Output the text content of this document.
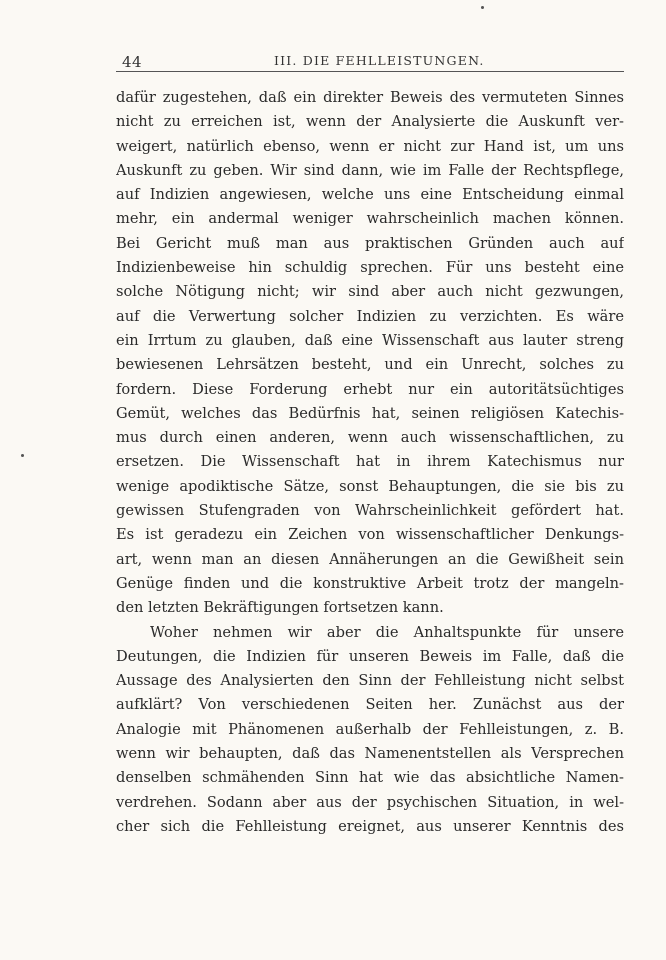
44	III. DIE FEHLLEISTUNGEN.

dafür zugestehen, daß ein direkter Beweis des vermuteten Sinnes
nicht zu erreichen ist, wenn der Analysierte die Auskunft ver-
weigert, natürlich ebenso, wenn er nicht zur Hand ist, um uns
Auskunft zu geben. Wir sind dann, wie im Falle der Rechtspflege,
auf Indizien angewiesen, welche uns eine Entscheidung einmal
mehr, ein andermal weniger wahrscheinlich machen können.
Bei Gericht muß man aus praktischen Gründen auch auf
Indizienbeweise hin schuldig sprechen. Für uns besteht eine
solche Nötigung nicht; wir sind aber auch nicht gezwungen,
auf die Verwertung solcher Indizien zu verzichten. Es wäre
ein Irrtum zu glauben, daß eine Wissenschaft aus lauter streng
bewiesenen Lehrsätzen besteht, und ein Unrecht, solches zu
fordern. Diese Forderung erhebt nur ein autoritätsüchtiges
Gemüt, welches das Bedürfnis hat, seinen religiösen Katechis-
mus durch einen anderen, wenn auch wissenschaftlichen, zu
ersetzen. Die Wissenschaft hat in ihrem Katechismus nur
wenige apodiktische Sätze, sonst Behauptungen, die sie bis zu
gewissen Stufengraden von Wahrscheinlichkeit gefördert hat.
Es ist geradezu ein Zeichen von wissenschaftlicher Denkungs-
art, wenn man an diesen Annäherungen an die Gewißheit sein
Genüge finden und die konstruktive Arbeit trotz der mangeln-
den letzten Bekräftigungen fortsetzen kann.

Woher nehmen wir aber die Anhaltspunkte für unsere
Deutungen, die Indizien für unseren Beweis im Falle, daß die
Aussage des Analysierten den Sinn der Fehlleistung nicht selbst
aufklärt? Von verschiedenen Seiten her. Zunächst aus der
Analogie mit Phänomenen außerhalb der Fehlleistungen, z. B.
wenn wir behaupten, daß das Namenentstellen als Versprechen
denselben schmähenden Sinn hat wie das absichtliche Namen-
verdrehen. Sodann aber aus der psychischen Situation, in wel-
cher sich die Fehlleistung ereignet, aus unserer Kenntnis des
